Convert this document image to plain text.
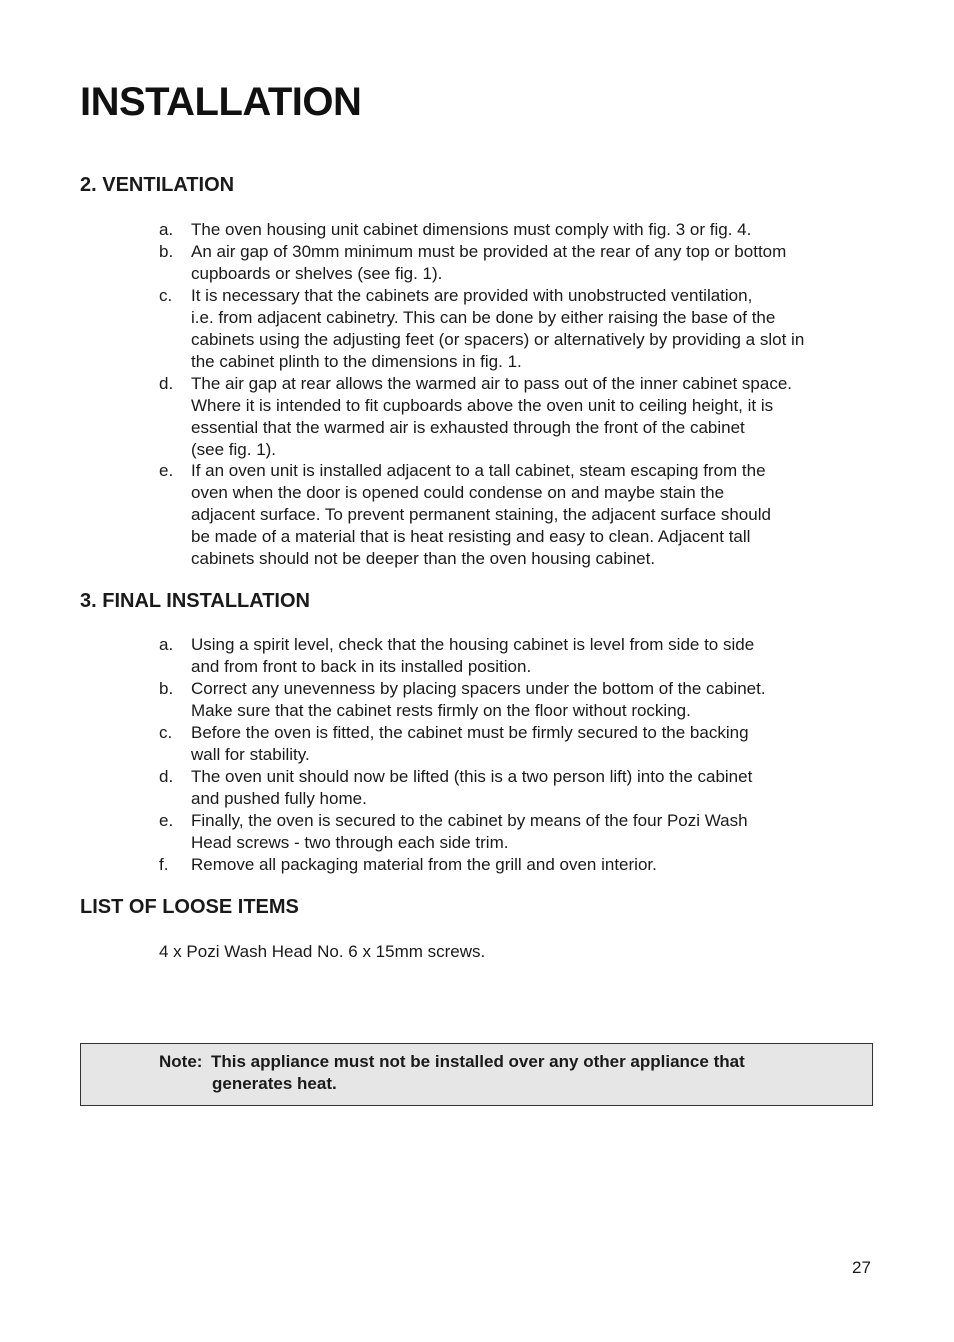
INSTALLATION
2. VENTILATION
a.	The oven housing unit cabinet dimensions must comply with fig. 3 or fig. 4.
b.	An air gap of 30mm minimum must be provided at the rear of any top or bottom
cupboards or shelves (see fig. 1).
c.	It is necessary that the cabinets are provided with unobstructed ventilation,
i.e. from adjacent cabinetry. This can be done by either raising the base of the
cabinets using the adjusting feet (or spacers) or alternatively by providing a slot in
the cabinet plinth to the dimensions in fig. 1.
d.	The air gap at rear allows the warmed air to pass out of the inner cabinet space.
Where it is intended to fit cupboards above the oven unit to ceiling height, it is
essential that the warmed air is exhausted through the front of the cabinet
(see fig. 1).
e.	If an oven unit is installed adjacent to a tall cabinet, steam escaping from the
oven when the door is opened could condense on and maybe stain the
adjacent surface. To prevent permanent staining, the adjacent surface should
be made of a material that is heat resisting and easy to clean. Adjacent tall
cabinets should not be deeper than the oven housing cabinet.
3. FINAL INSTALLATION
a.	Using a spirit level, check that the housing cabinet is level from side to side
and from front to back in its installed position.
b.	Correct any unevenness by placing spacers under the bottom of the cabinet.
Make sure that the cabinet rests firmly on the floor without rocking.
c.	Before the oven is fitted, the cabinet must be firmly secured to the backing
wall for stability.
d.	The oven unit should now be lifted (this is a two person lift) into the cabinet
and pushed fully home.
e.	Finally, the oven is secured to the cabinet by means of the four Pozi Wash
Head screws - two through each side trim.
f.	Remove all packaging material from the grill and oven interior.
LIST OF LOOSE ITEMS
4 x Pozi Wash Head No. 6 x 15mm screws.
Note: This appliance must not be installed over any other appliance that
generates heat.
27
